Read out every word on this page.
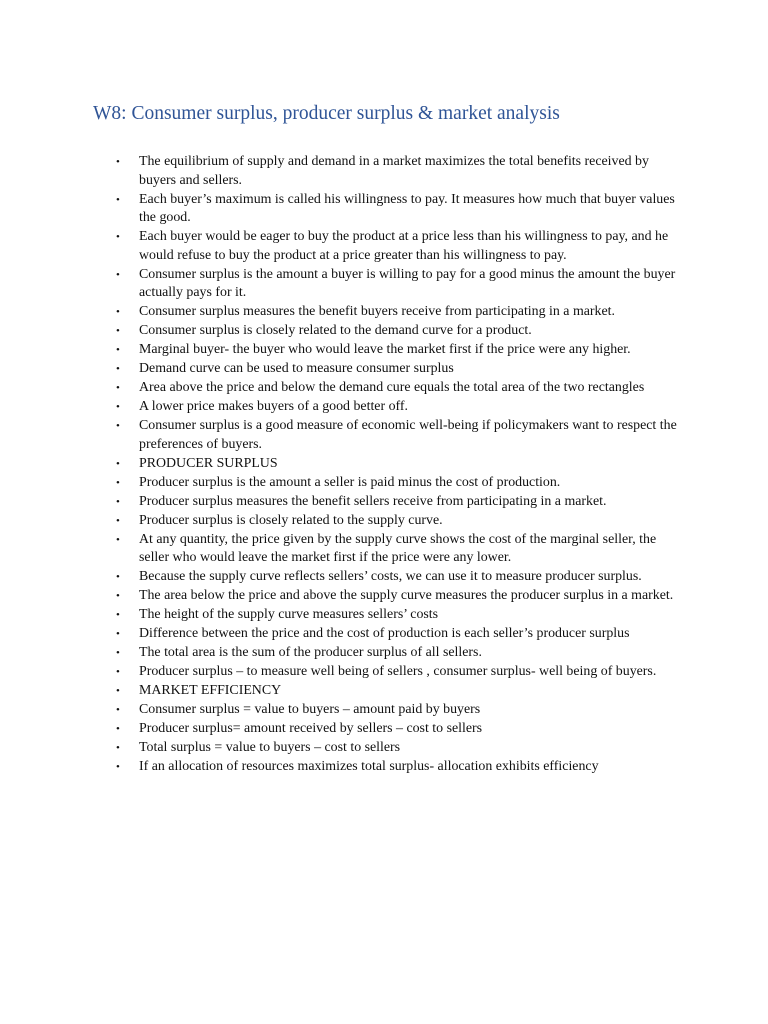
W8: Consumer surplus, producer surplus & market analysis
• The equilibrium of supply and demand in a market maximizes the total benefits received by buyers and sellers.
• Each buyer’s maximum is called his willingness to pay. It measures how much that buyer values the good.
• Each buyer would be eager to buy the product at a price less than his willingness to pay, and he would refuse to buy the product at a price greater than his willingness to pay.
• Consumer surplus is the amount a buyer is willing to pay for a good minus the amount the buyer actually pays for it.
• Consumer surplus measures the benefit buyers receive from participating in a market.
• Consumer surplus is closely related to the demand curve for a product.
• Marginal buyer- the buyer who would leave the market first if the price were any higher.
• Demand curve can be used to measure consumer surplus
• Area above the price and below the demand cure equals the total area of the two rectangles
• A lower price makes buyers of a good better off.
• Consumer surplus is a good measure of economic well-being if policymakers want to respect the preferences of buyers.
• PRODUCER SURPLUS
• Producer surplus is the amount a seller is paid minus the cost of production.
• Producer surplus measures the benefit sellers receive from participating in a market.
• Producer surplus is closely related to the supply curve.
• At any quantity, the price given by the supply curve shows the cost of the marginal seller, the seller who would leave the market first if the price were any lower.
• Because the supply curve reflects sellers’ costs, we can use it to measure producer surplus.
• The area below the price and above the supply curve measures the producer surplus in a market.
• The height of the supply curve measures sellers’ costs
• Difference between the price and the cost of production is each seller’s producer surplus
• The total area is the sum of the producer surplus of all sellers.
• Producer surplus – to measure well being of sellers , consumer surplus- well being of buyers.
• MARKET EFFICIENCY
• Consumer surplus = value to buyers – amount paid by buyers
• Producer surplus= amount received by sellers – cost to sellers
• Total surplus = value to buyers – cost to sellers
• If an allocation of resources maximizes total surplus- allocation exhibits efficiency
